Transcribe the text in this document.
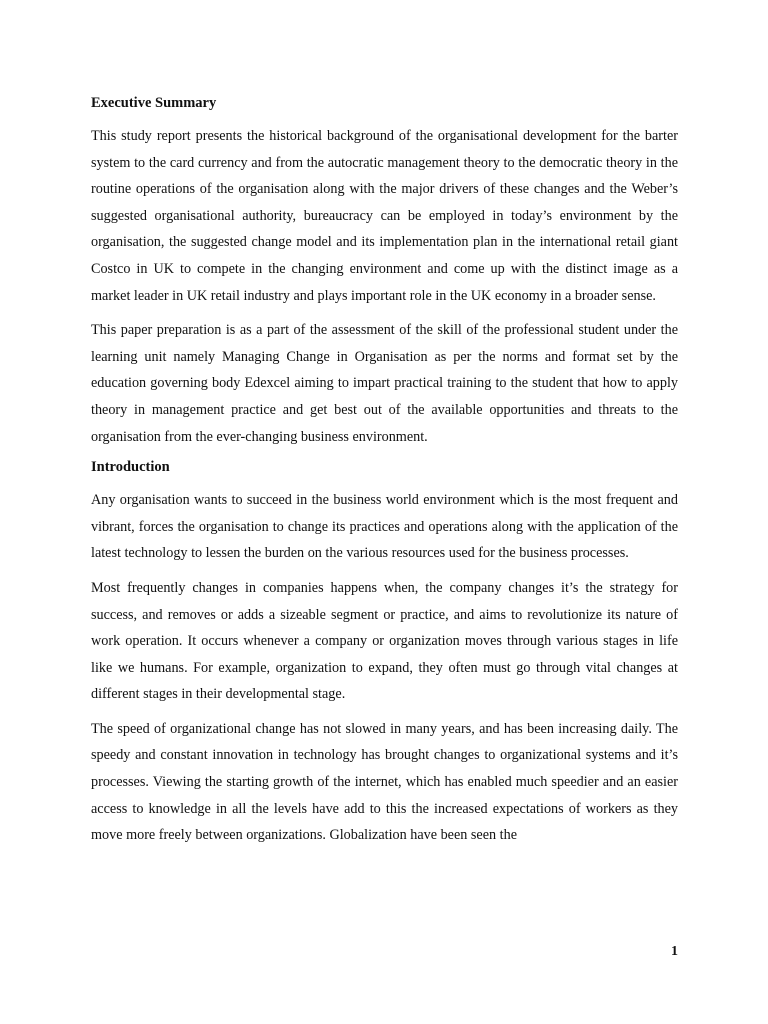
Executive Summary

This study report presents the historical background of the organisational development for the barter system to the card currency and from the autocratic management theory to the democratic theory in the routine operations of the organisation along with the major drivers of these changes and the Weber’s suggested organisational authority, bureaucracy can be employed in today’s environment by the organisation, the suggested change model and its implementation plan in the international retail giant Costco in UK to compete in the changing environment and come up with the distinct image as a market leader in UK retail industry and plays important role in the UK economy in a broader sense.

This paper preparation is as a part of the assessment of the skill of the professional student under the learning unit namely Managing Change in Organisation as per the norms and format set by the education governing body Edexcel aiming to impart practical training to the student that how to apply theory in management practice and get best out of the available opportunities and threats to the organisation from the ever-changing business environment.

Introduction

Any organisation wants to succeed in the business world environment which is the most frequent and vibrant, forces the organisation to change its practices and operations along with the application of the latest technology to lessen the burden on the various resources used for the business processes.

Most frequently changes in companies happens when, the company changes it’s the strategy for success, and removes or adds a sizeable segment or practice, and aims to revolutionize its nature of work operation. It occurs whenever a company or organization moves through various stages in life like we humans. For example, organization to expand, they often must go through vital changes at different stages in their developmental stage.

The speed of organizational change has not slowed in many years, and has been increasing daily. The speedy and constant innovation in technology has brought changes to organizational systems and it’s processes. Viewing the starting growth of the internet, which has enabled much speedier and an easier access to knowledge in all the levels have add to this the increased expectations of workers as they move more freely between organizations. Globalization have been seen the

1
